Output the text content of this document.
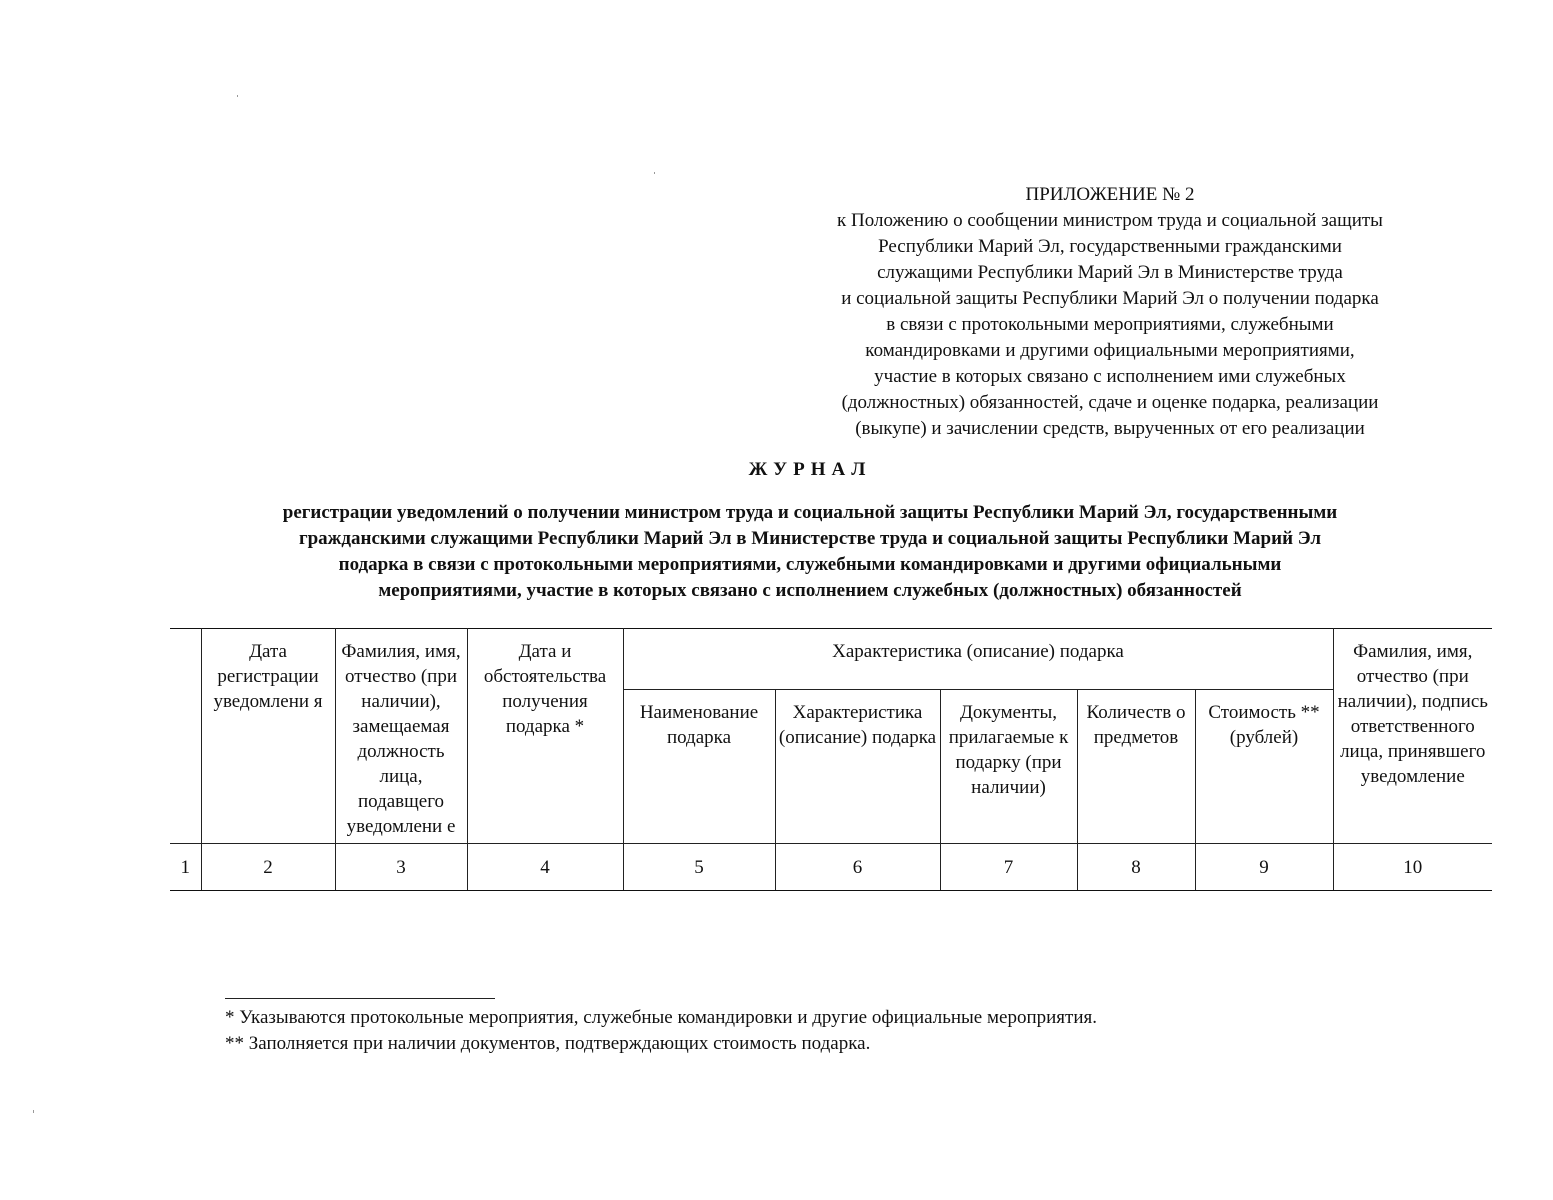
ПРИЛОЖЕНИЕ № 2
к Положению о сообщении министром труда и социальной защиты
Республики Марий Эл, государственными гражданскими
служащими Республики Марий Эл в Министерстве труда
и социальной защиты Республики Марий Эл о получении подарка
в связи с протокольными мероприятиями, служебными
командировками и другими официальными мероприятиями,
участие в которых связано с исполнением ими служебных
(должностных) обязанностей, сдаче и оценке подарка, реализации
(выкупе) и зачислении средств, вырученных от его реализации
ЖУРНАЛ
регистрации уведомлений о получении министром труда и социальной защиты Республики Марий Эл, государственными
гражданскими служащими Республики Марий Эл в Министерстве труда и социальной защиты Республики Марий Эл
подарка в связи с протокольными мероприятиями, служебными командировками и другими официальными
мероприятиями, участие в которых связано с исполнением служебных (должностных) обязанностей
	Дата регистрации уведомлени я	Фамилия, имя, отчество (при наличии), замещаемая должность лица, подавщего уведомлени е	Дата и обстоятельства получения подарка *	Характеристика (описание) подарка					Фамилия, имя, отчество (при наличии), подпись ответственного лица, принявшего уведомление
				Наименование подарка	Характеристика (описание) подарка	Документы, прилагаемые к подарку (при наличии)	Количеств о предметов	Стоимость ** (рублей)	
1	2	3	4	5	6	7	8	9	10
* Указываются протокольные мероприятия, служебные командировки и другие официальные мероприятия.
** Заполняется при наличии документов, подтверждающих стоимость подарка.
